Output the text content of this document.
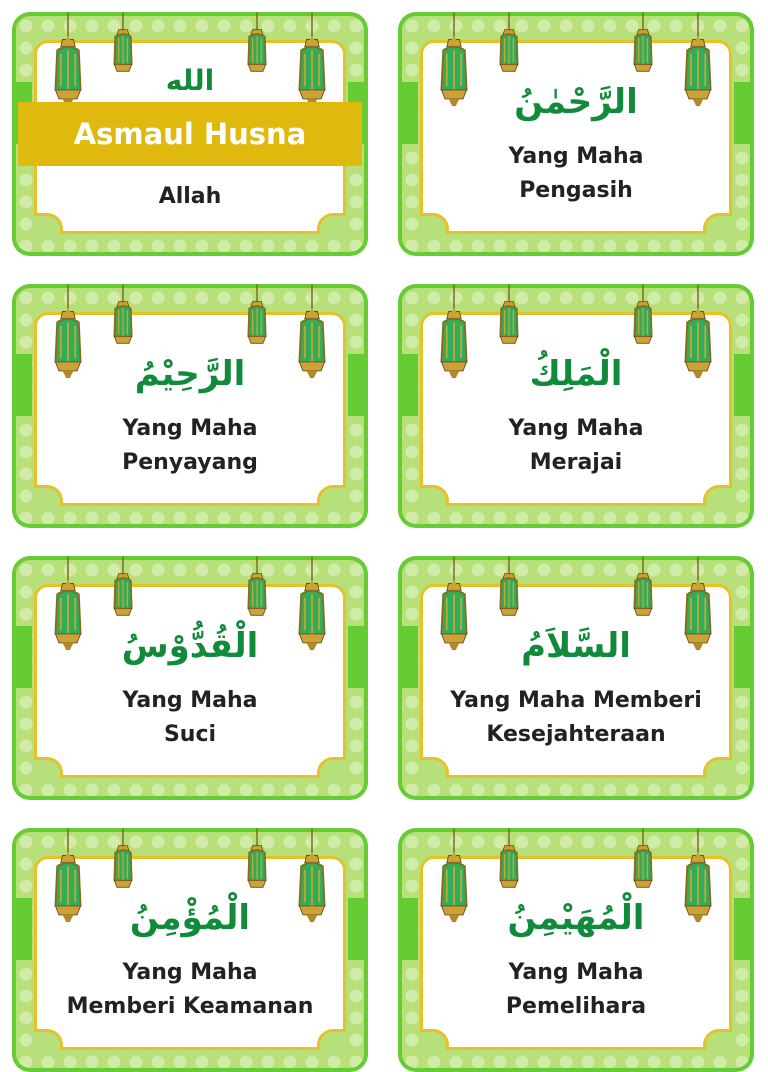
الله
Asmaul Husna
Allah
الرَّحْمٰنُ
Yang Maha
Pengasih
الرَّحِيْمُ
Yang Maha
Penyayang
الْمَلِكُ
Yang Maha
Merajai
الْقُدُّوْسُ
Yang Maha
Suci
السَّلاَمُ
Yang Maha Memberi
Kesejahteraan
الْمُؤْمِنُ
Yang Maha
Memberi Keamanan
الْمُهَيْمِنُ
Yang Maha
Pemelihara
